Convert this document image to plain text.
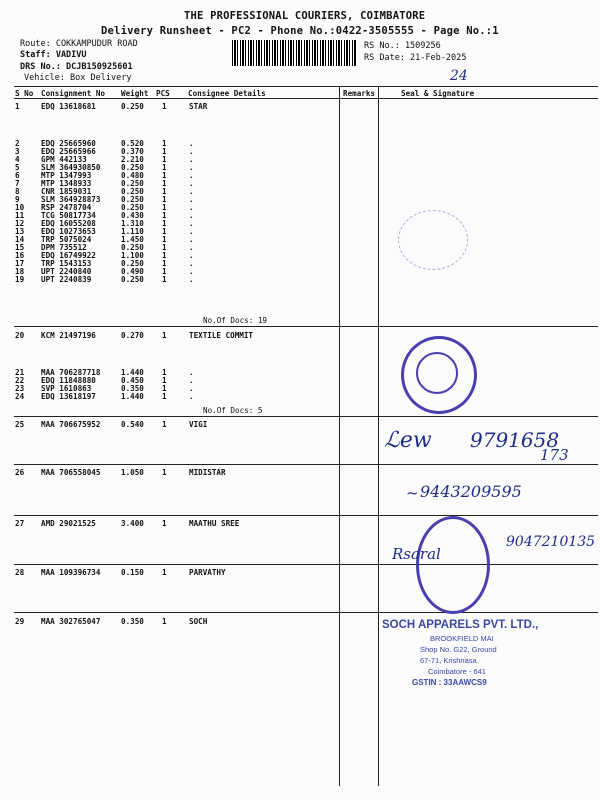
THE PROFESSIONAL COURIERS, COIMBATORE
Delivery Runsheet - PC2 - Phone No.:0422-3505555 - Page No.:1
Route: COKKAMPUDUR ROAD
Staff: VADIVU
DRS No.: DCJB150925601
Vehicle: Box Delivery
RS No.: 1509256
RS Date: 21-Feb-2025
24
S No Consignment No Weight PCS Consignee Details	Remarks	Seal & Signature
1	EDQ 13618681	0.250 1	STAR
2	EDQ 25665960	0.520 1	.
3	EDQ 25665966	0.370 1	.
4	GPM 442133	2.210 1	.
5	SLM 364930850	0.250 1	.
6	MTP 1347993	0.480 1	.
7	MTP 1348933	0.250 1	.
8	CNR 1859031	0.250 1	.
9	SLM 364928873	0.250 1	.
10 RSP 2478704	0.250 1	.
11 TCG 50817734	0.430 1	.
12 EDQ 16055208	1.310 1	.
13 EDQ 10273653	1.110 1	.
14 TRP 5075024	1.450 1	.
15 DPM 735512	0.250 1	.
16 EDQ 16749922	1.100 1	.
17 TRP 1543153	0.250 1	.
18 UPT 2240840	0.490 1	.
19 UPT 2240839	0.250 1	.
20 KCM 21497196	0.270 1	TEXTILE COMMIT
21 MAA 706287718	1.440 1	.
22 EDQ 11848880	0.450 1	.
23 SVP 1610863	0.350 1	.
24 EDQ 13618197	1.440 1	.
25 MAA 706675952	0.540 1	VIGI
26 MAA 706558045	1.050 1	MIDISTAR
27 AMD 29021525	3.400 1	MAATHU SREE
28 MAA 109396734	0.150 1	PARVATHY
29 MAA 302765047	0.350 1	SOCH
No.Of Docs: 19
No.Of Docs: 5
ℒew 9791658
173
~ 9443209595
9047210135
Rsaral
SOCH APPARELS PVT. LTD.,
BROOKFIELD MAI
Shop No. G22, Ground
67-71, Krishnasa
Coimbatore - 641
GSTIN : 33AAWCS9
